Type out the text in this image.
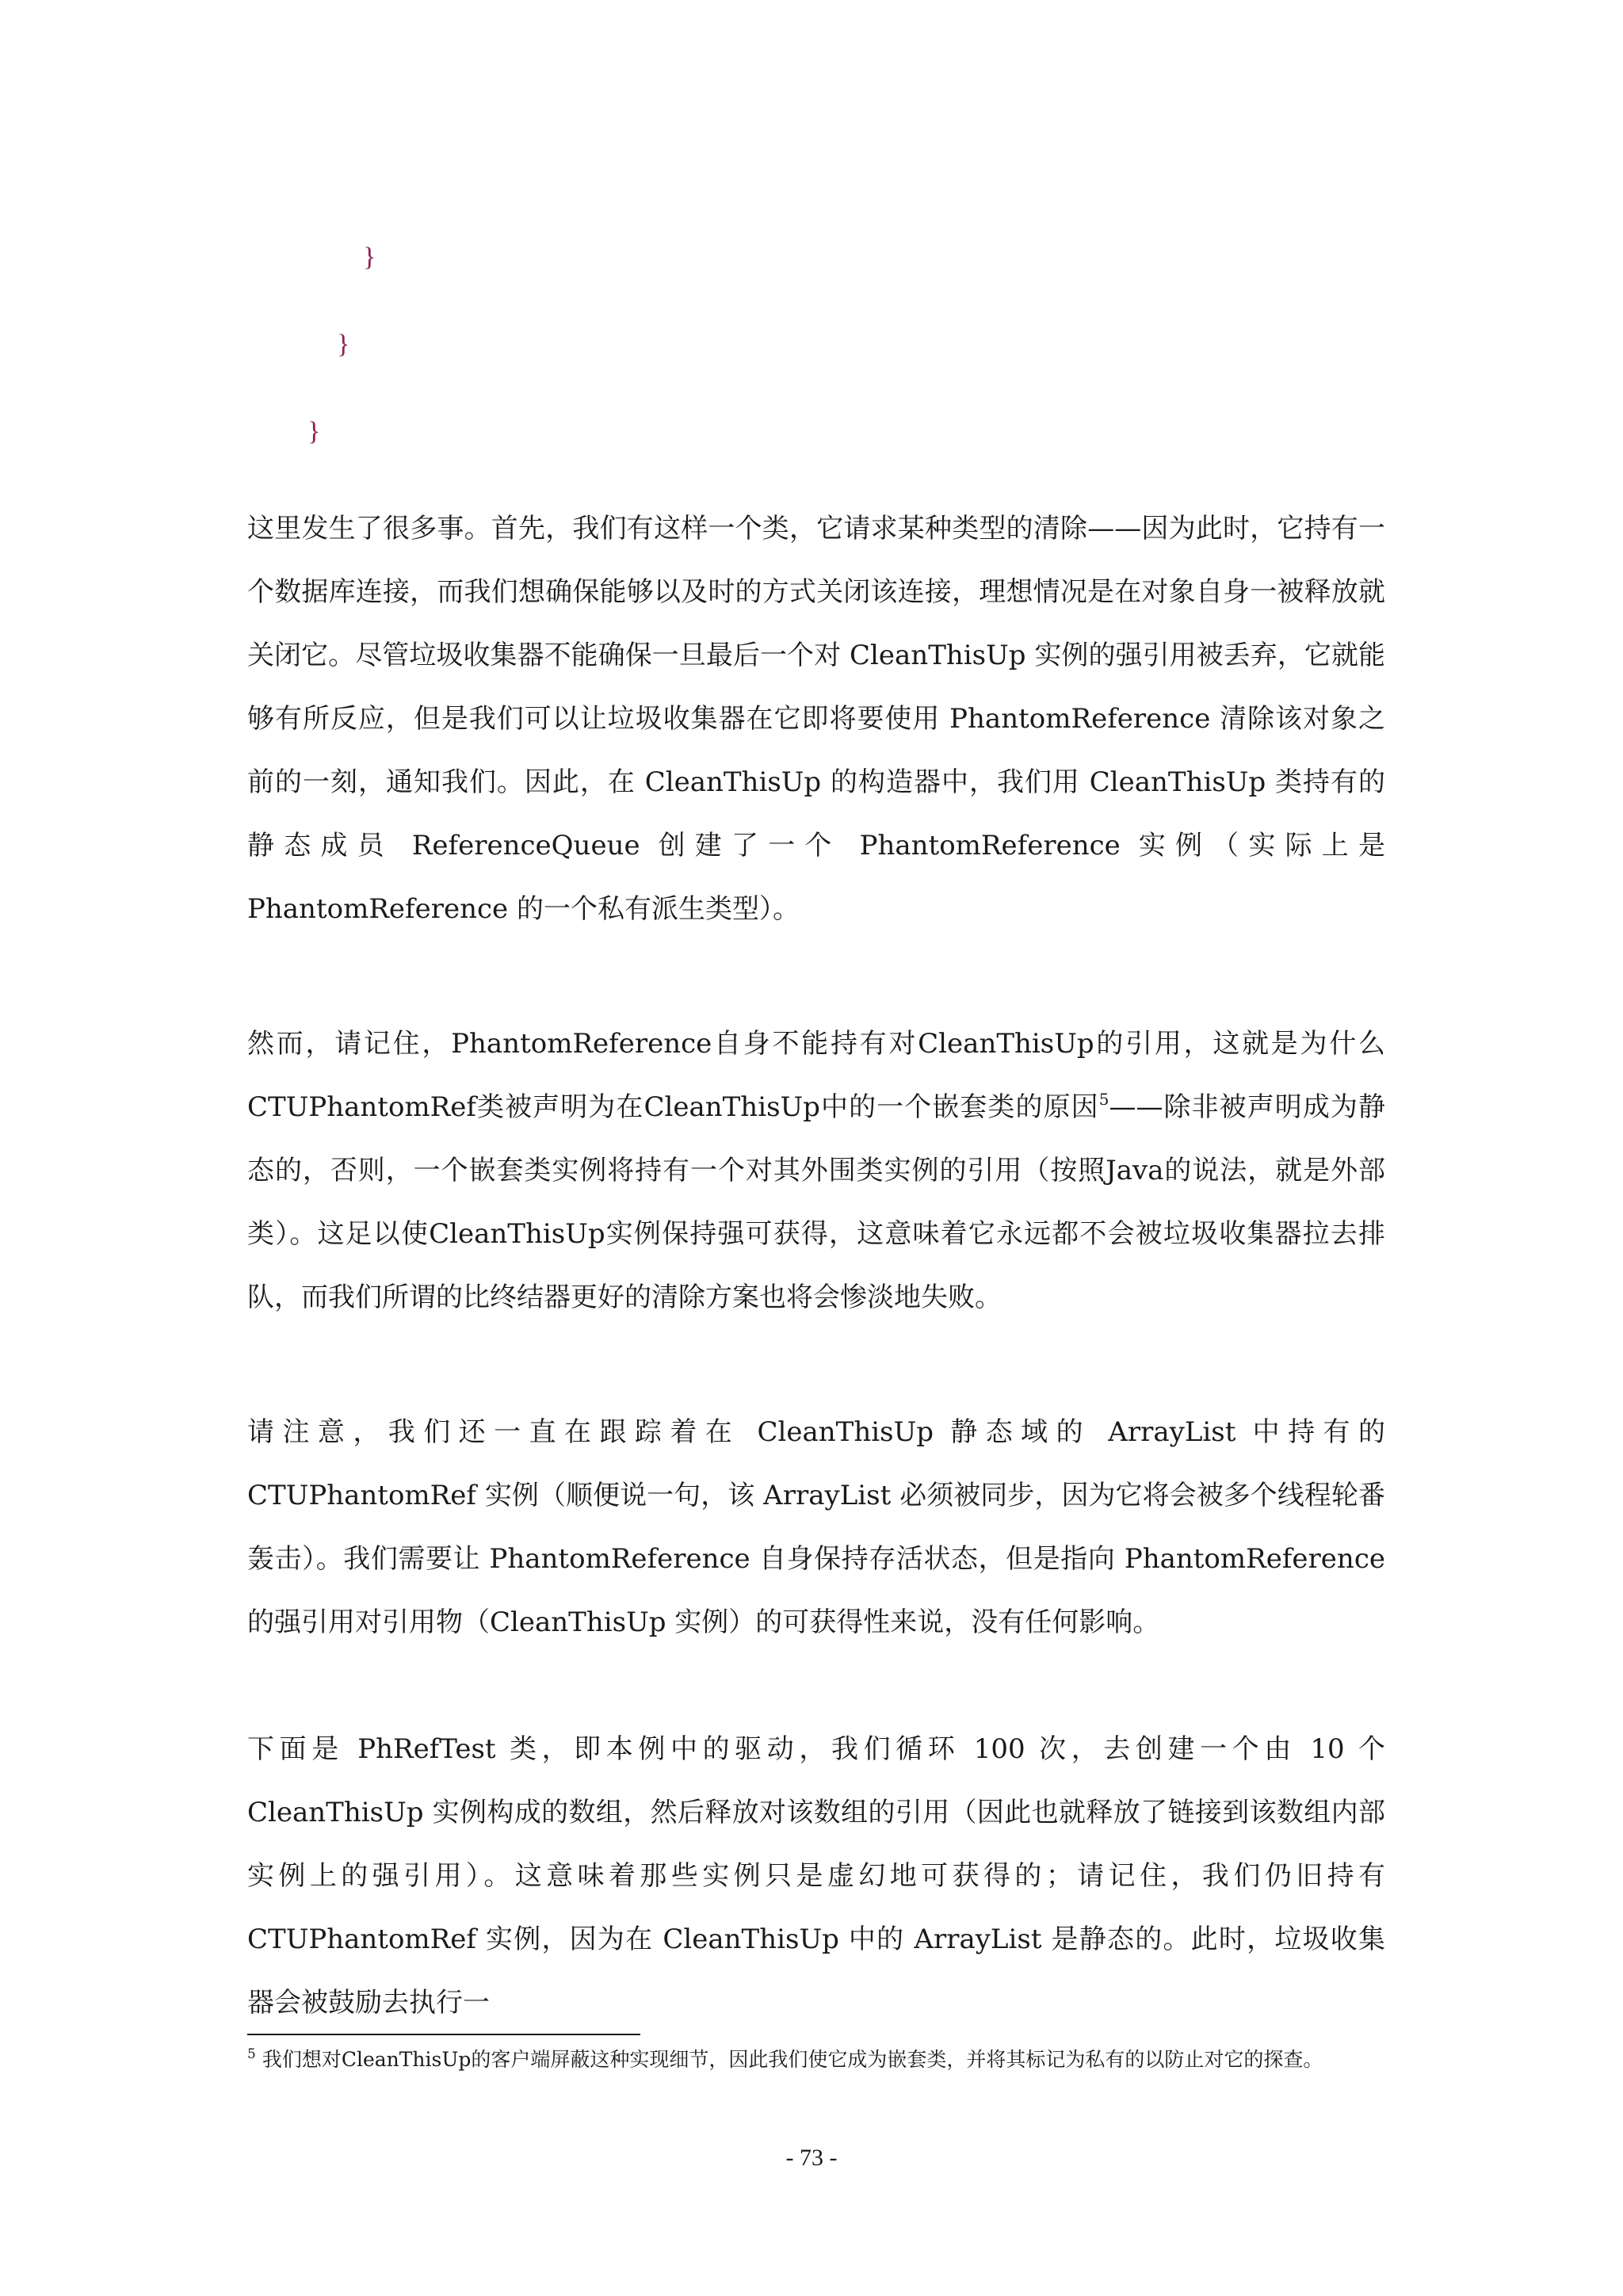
}
}
}

这里发生了很多事。首先，我们有这样一个类，它请求某种类型的清除——因为此时，它持有一个数据库连接，而我们想确保能够以及时的方式关闭该连接，理想情况是在对象自身一被释放就关闭它。尽管垃圾收集器不能确保一旦最后一个对 CleanThisUp 实例的强引用被丢弃，它就能够有所反应，但是我们可以让垃圾收集器在它即将要使用 PhantomReference 清除该对象之前的一刻，通知我们。因此，在 CleanThisUp 的构造器中，我们用 CleanThisUp 类持有的静态成员 ReferenceQueue 创建了一个 PhantomReference 实例（实际上是 PhantomReference 的一个私有派生类型）。

然而，请记住，PhantomReference自身不能持有对CleanThisUp的引用，这就是为什么CTUPhantomRef类被声明为在CleanThisUp中的一个嵌套类的原因$^5$——除非被声明成为静态的，否则，一个嵌套类实例将持有一个对其外围类实例的引用（按照Java的说法，就是外部类）。这足以使CleanThisUp实例保持强可获得，这意味着它永远都不会被垃圾收集器拉去排队，而我们所谓的比终结器更好的清除方案也将会惨淡地失败。

请注意，我们还一直在跟踪着在 CleanThisUp 静态域的 ArrayList 中持有的 CTUPhantomRef 实例（顺便说一句，该 ArrayList 必须被同步，因为它将会被多个线程轮番轰击）。我们需要让 PhantomReference 自身保持存活状态，但是指向 PhantomReference 的强引用对引用物（CleanThisUp 实例）的可获得性来说，没有任何影响。

下面是 PhRefTest 类，即本例中的驱动，我们循环 100 次，去创建一个由 10 个 CleanThisUp 实例构成的数组，然后释放对该数组的引用（因此也就释放了链接到该数组内部实例上的强引用）。这意味着那些实例只是虚幻地可获得的；请记住，我们仍旧持有 CTUPhantomRef 实例，因为在 CleanThisUp 中的 ArrayList 是静态的。此时，垃圾收集器会被鼓励去执行一

$^5$ 我们想对CleanThisUp的客户端屏蔽这种实现细节，因此我们使它成为嵌套类，并将其标记为私有的以防止对它的探查。

- 73 -
